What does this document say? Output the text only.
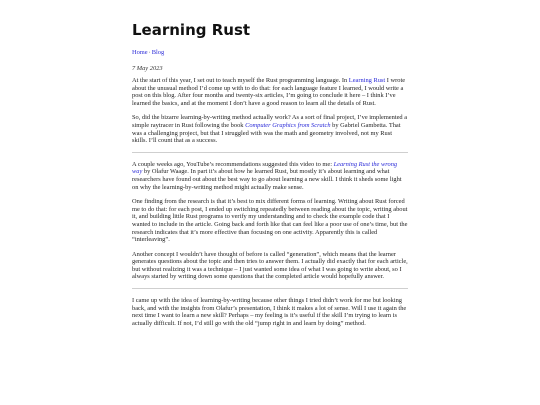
Learning Rust
Home·Blog
7 May 2023

At the start of this year, I set out to teach myself the Rust programming language. In Learning Rust I wrote about the unusual method I’d come up with to do that: for each language feature I learned, I would write a post on this blog. After four months and twenty-six articles, I’m going to conclude it here – I think I’ve learned the basics, and at the moment I don’t have a good reason to learn all the details of Rust.

So, did the bizarre learning-by-writing method actually work? As a sort of final project, I’ve implemented a simple raytracer in Rust following the book Computer Graphics from Scratch by Gabriel Gambetta. That was a challenging project, but that I struggled with was the math and geometry involved, not my Rust skills. I’ll count that as a success.

A couple weeks ago, YouTube’s recommendations suggested this video to me: Learning Rust the wrong way by Olafur Waage. In part it’s about how he learned Rust, but mostly it’s about learning and what researchers have found out about the best way to go about learning a new skill. I think it sheds some light on why the learning-by-writing method might actually make sense.

One finding from the research is that it’s best to mix different forms of learning. Writing about Rust forced me to do that: for each post, I ended up switching repeatedly between reading about the topic, writing about it, and building little Rust programs to verify my understanding and to check the example code that I wanted to include in the article. Going back and forth like that can feel like a poor use of one’s time, but the research indicates that it’s more effective than focusing on one activity. Apparently this is called “interleaving”.

Another concept I wouldn’t have thought of before is called “generation”, which means that the learner generates questions about the topic and then tries to answer them. I actually did exactly that for each article, but without realizing it was a technique – I just wanted some idea of what I was going to write about, so I always started by writing down some questions that the completed article would hopefully answer.

I came up with the idea of learning-by-writing because other things I tried didn’t work for me but looking back, and with the insights from Olafur’s presentation, I think it makes a lot of sense. Will I use it again the next time I want to learn a new skill? Perhaps – my feeling is it’s useful if the skill I’m trying to learn is actually difficult. If not, I’d still go with the old “jump right in and learn by doing” method.
